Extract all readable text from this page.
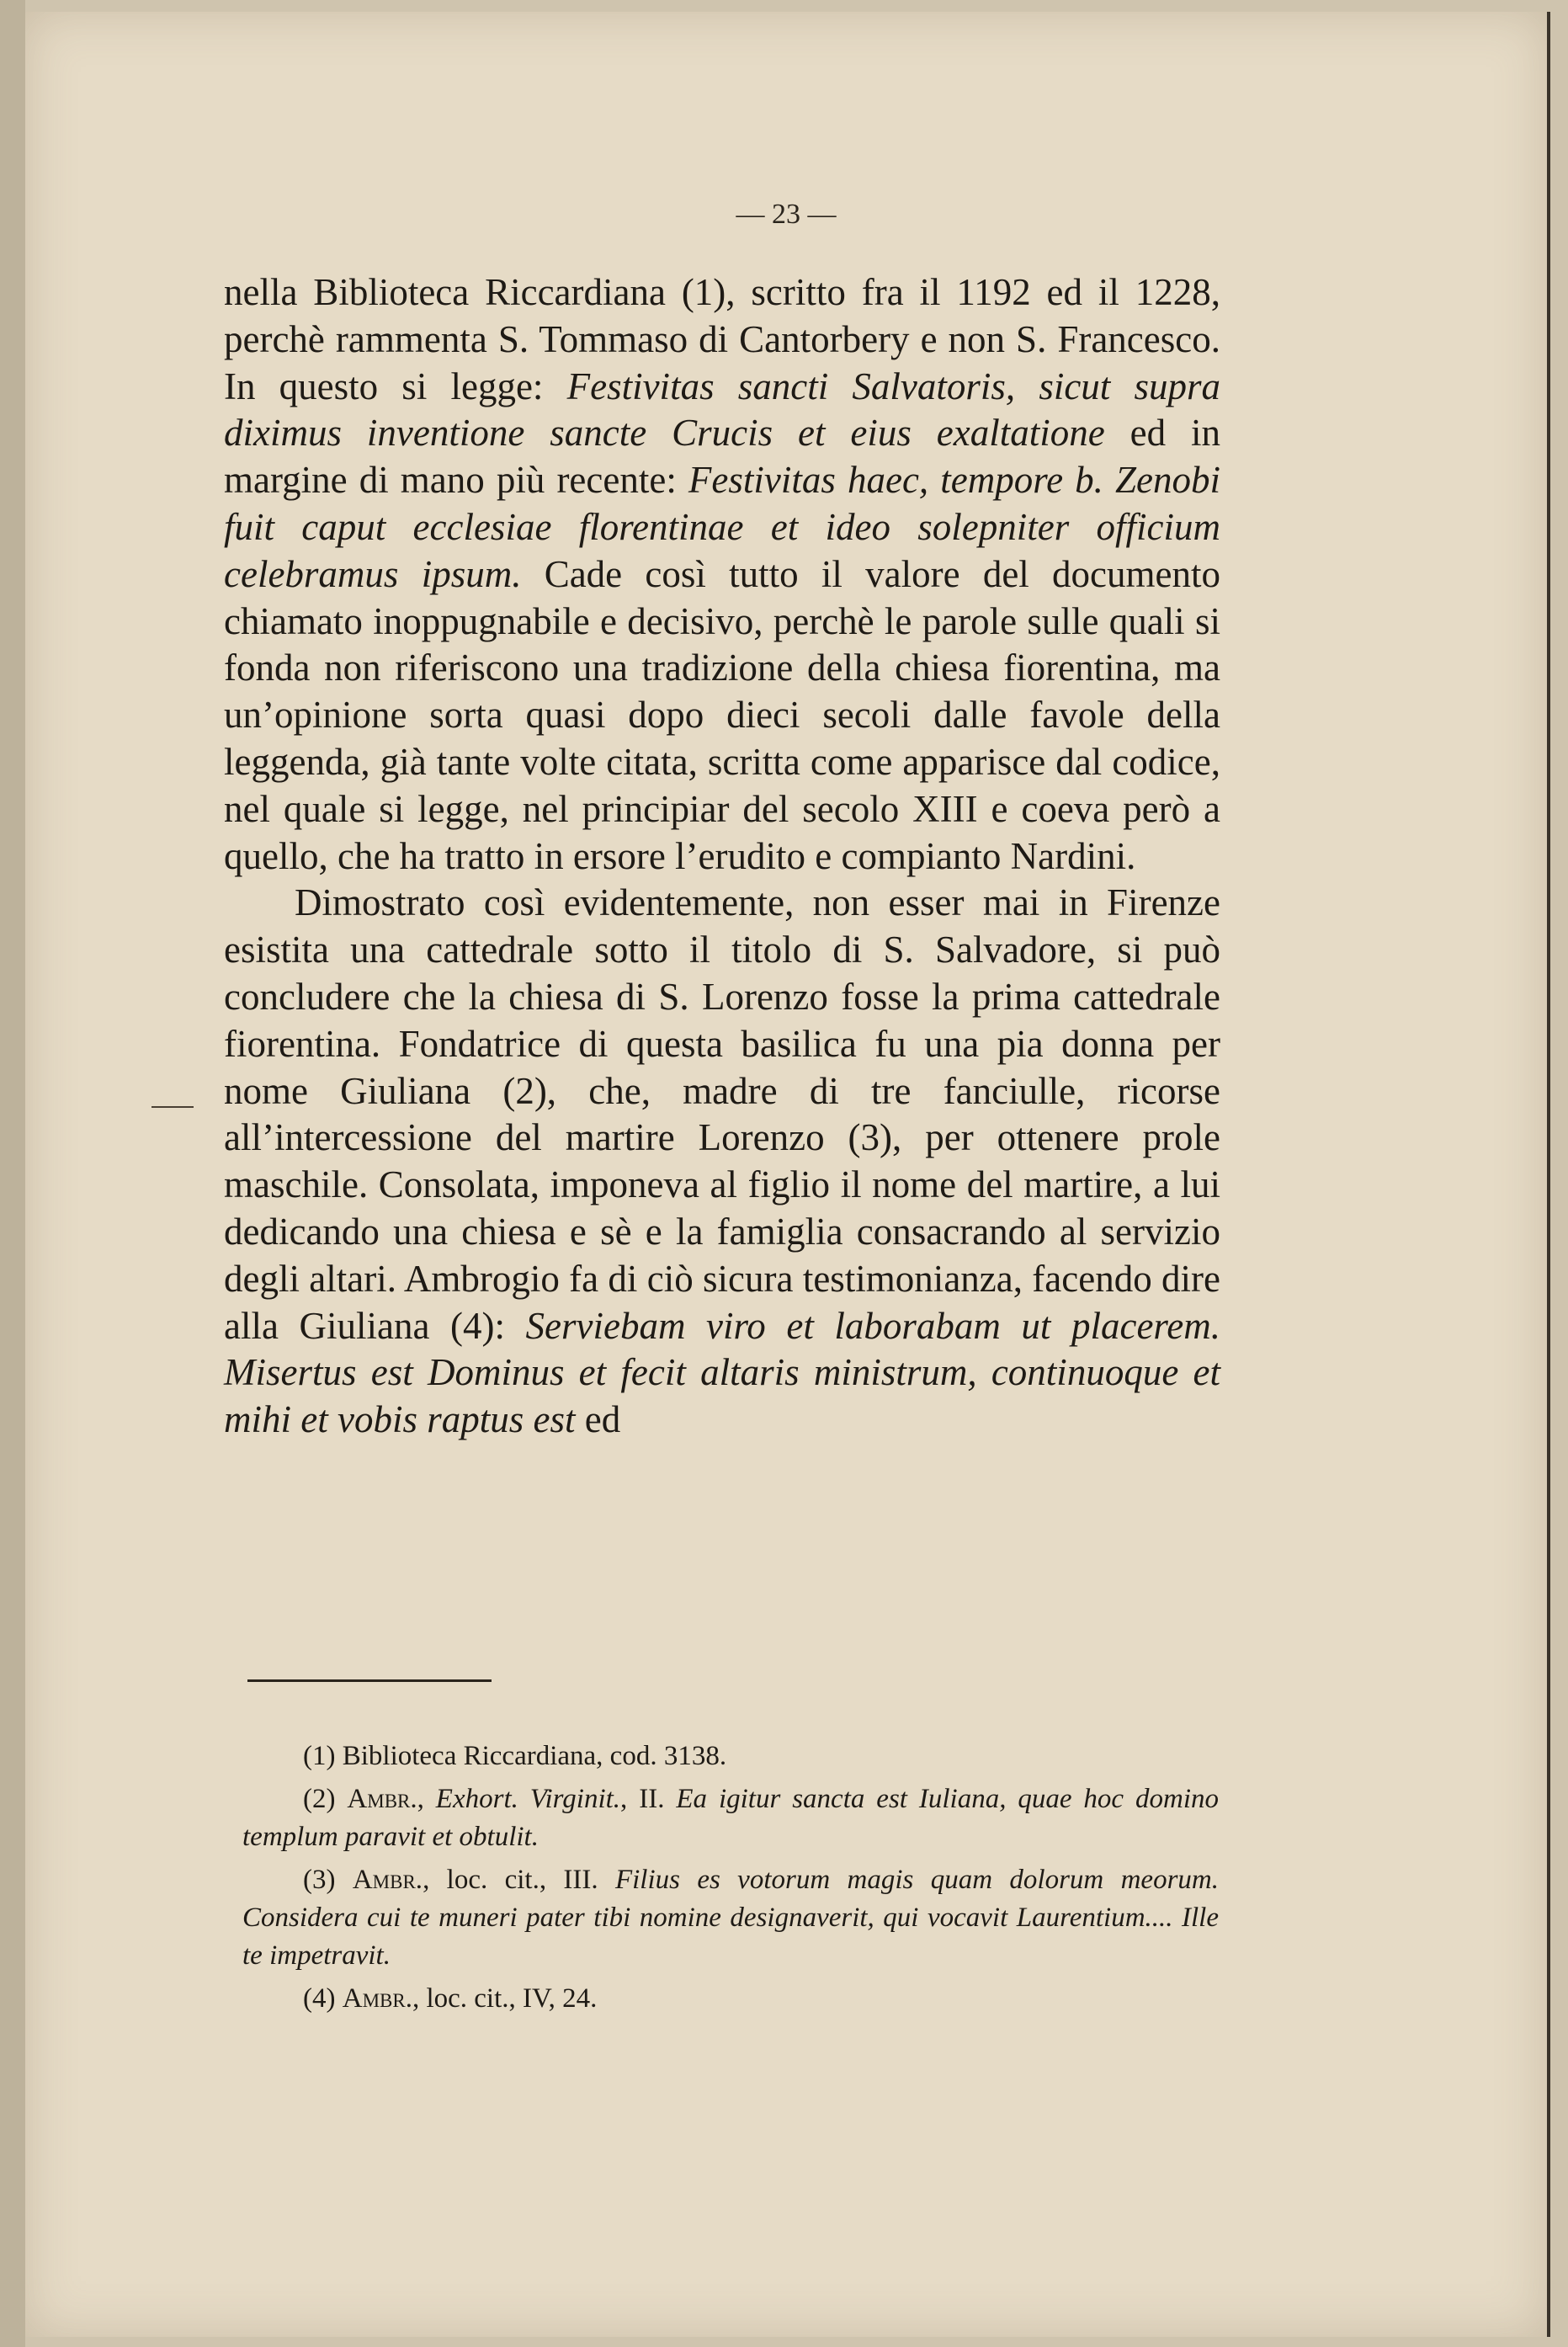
— 23 —

nella Biblioteca Riccardiana (1), scritto fra il 1192 ed il 1228, perchè rammenta S. Tommaso di Cantorbery e non S. Francesco. In questo si legge: Festivitas sancti Salvatoris, sicut supra diximus inventione sancte Crucis et eius exaltatione ed in margine di mano più recente: Festivitas haec, tempore b. Zenobi fuit caput ecclesiae florentinae et ideo solepniter officium celebramus ipsum. Cade così tutto il valore del documento chiamato inoppugnabile e decisivo, perchè le parole sulle quali si fonda non riferiscono una tradizione della chiesa fiorentina, ma un’opinione sorta quasi dopo dieci secoli dalle favole della leggenda, già tante volte citata, scritta come apparisce dal codice, nel quale si legge, nel principiar del secolo XIII e coeva però a quello, che ha tratto in ersore l’erudito e compianto Nardini.

Dimostrato così evidentemente, non esser mai in Firenze esistita una cattedrale sotto il titolo di S. Salvadore, si può concludere che la chiesa di S. Lorenzo fosse la prima cattedrale fiorentina. Fondatrice di questa basilica fu una pia donna per nome Giuliana (2), che, madre di tre fanciulle, ricorse all’intercessione del martire Lorenzo (3), per ottenere prole maschile. Consolata, imponeva al figlio il nome del martire, a lui dedicando una chiesa e sè e la famiglia consacrando al servizio degli altari. Ambrogio fa di ciò sicura testimonianza, facendo dire alla Giuliana (4): Serviebam viro et laborabam ut placerem. Misertus est Dominus et fecit altaris ministrum, continuoque et mihi et vobis raptus est ed

(1) Biblioteca Riccardiana, cod. 3138.

(2) Ambr., Exhort. Virginit., II. Ea igitur sancta est Iuliana, quae hoc domino templum paravit et obtulit.

(3) Ambr., loc. cit., III. Filius es votorum magis quam dolorum meorum. Considera cui te muneri pater tibi nomine designaverit, qui vocavit Laurentium.... Ille te impetravit.

(4) Ambr., loc. cit., IV, 24.
